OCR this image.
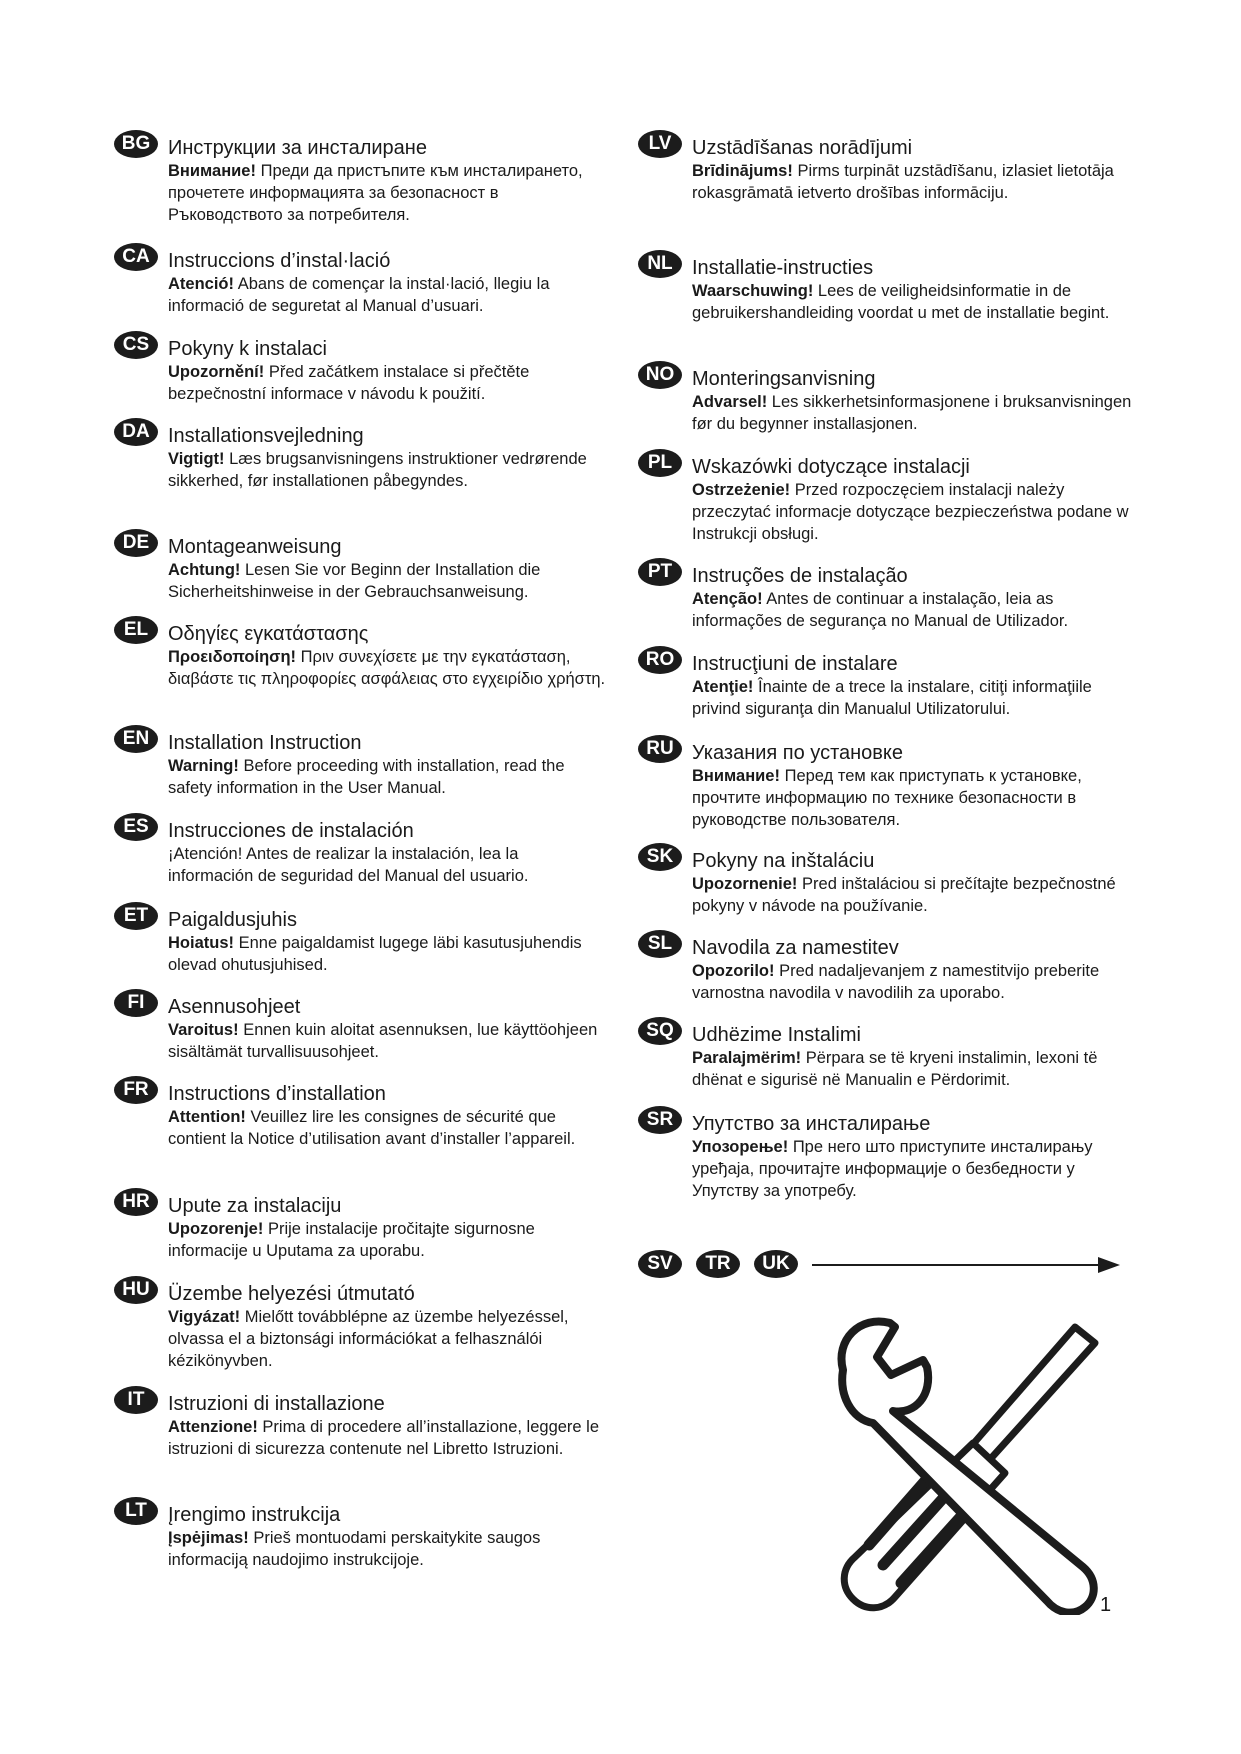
BG Инструкции за инсталиране
Внимание! Преди да пристъпите към инсталирането, прочетете информацията за безопасност в Ръководството за потребителя.
CA Instruccions d’instal·lació
Atenció! Abans de començar la instal·lació, llegiu la informació de seguretat al Manual d’usuari.
CS Pokyny k instalaci
Upozornění! Před začátkem instalace si přečtěte bezpečnostní informace v návodu k použití.
DA Installationsvejledning
Vigtigt! Læs brugsanvisningens instruktioner vedrørende sikkerhed, før installationen påbegyndes.
DE Montageanweisung
Achtung! Lesen Sie vor Beginn der Installation die Sicherheitshinweise in der Gebrauchsanweisung.
EL Οδηγίες εγκατάστασης
Προειδοποίηση! Πριν συνεχίσετε με την εγκατάσταση, διαβάστε τις πληροφορίες ασφάλειας στο εγχειρίδιο χρήστη.
EN Installation Instruction
Warning! Before proceeding with installation, read the safety information in the User Manual.
ES Instrucciones de instalación
¡Atención! Antes de realizar la instalación, lea la información de seguridad del Manual del usuario.
ET Paigaldusjuhis
Hoiatus! Enne paigaldamist lugege läbi kasutusjuhendis olevad ohutusjuhised.
FI	Asennusohjeet
Varoitus! Ennen kuin aloitat asennuksen, lue käyttöohjeen sisältämät turvallisuusohjeet.
FR Instructions d’installation
Attention! Veuillez lire les consignes de sécurité que contient la Notice d’utilisation avant d’installer l’appareil.
HR Upute za instalaciju
Upozorenje! Prije instalacije pročitajte sigurnosne informacije u Uputama za uporabu.
HU Üzembe helyezési útmutató
Vigyázat! Mielőtt továbblépne az üzembe helyezéssel, olvassa el a biztonsági információkat a felhasználói kézikönyvben.
IT	Istruzioni di installazione
Attenzione! Prima di procedere all’installazione, leggere le istruzioni di sicurezza contenute nel Libretto Istruzioni.
LT	Įrengimo instrukcija
Įspėjimas! Prieš montuodami perskaitykite saugos informaciją naudojimo instrukcijoje.
LV	Uzstādīšanas norādījumi
Brīdinājums! Pirms turpināt uzstādīšanu, izlasiet lietotāja rokasgrāmatā ietverto drošības informāciju.
NL Installatie-instructies
Waarschuwing! Lees de veiligheidsinformatie in de gebruikershandleiding voordat u met de installatie begint.
NO Monteringsanvisning
Advarsel! Les sikkerhetsinformasjonene i bruksanvisningen før du begynner installasjonen.
PL Wskazówki dotyczące instalacji
Ostrzeżenie! Przed rozpoczęciem instalacji należy przeczytać informacje dotyczące bezpieczeństwa podane w Instrukcji obsługi.
PT Instruções de instalação
Atenção! Antes de continuar a instalação, leia as informações de segurança no Manual de Utilizador.
RO Instrucţiuni de instalare
Atenţie! Înainte de a trece la instalare, citiţi informaţiile privind siguranţa din Manualul Utilizatorului.
RU Указания по установке
Внимание! Перед тем как приступать к установке, прочтите информацию по технике безопасности в руководстве пользователя.
SK Pokyny na inštaláciu
Upozornenie! Pred inštaláciou si prečítajte bezpečnostné pokyny v návode na používanie.
SL Navodila za namestitev
Opozorilo! Pred nadaljevanjem z namestitvijo preberite varnostna navodila v navodilih za uporabo.
SQ Udhëzime Instalimi
Paralajmërim! Përpara se të kryeni instalimin, lexoni të dhënat e sigurisë në Manualin e Përdorimit.
SR Упутство за инсталирање
Упозорење! Пре него што приступите инсталирању уређаја, прочитајте информације о безбедности у Упутству за употребу.
SV	TR	UK
1
